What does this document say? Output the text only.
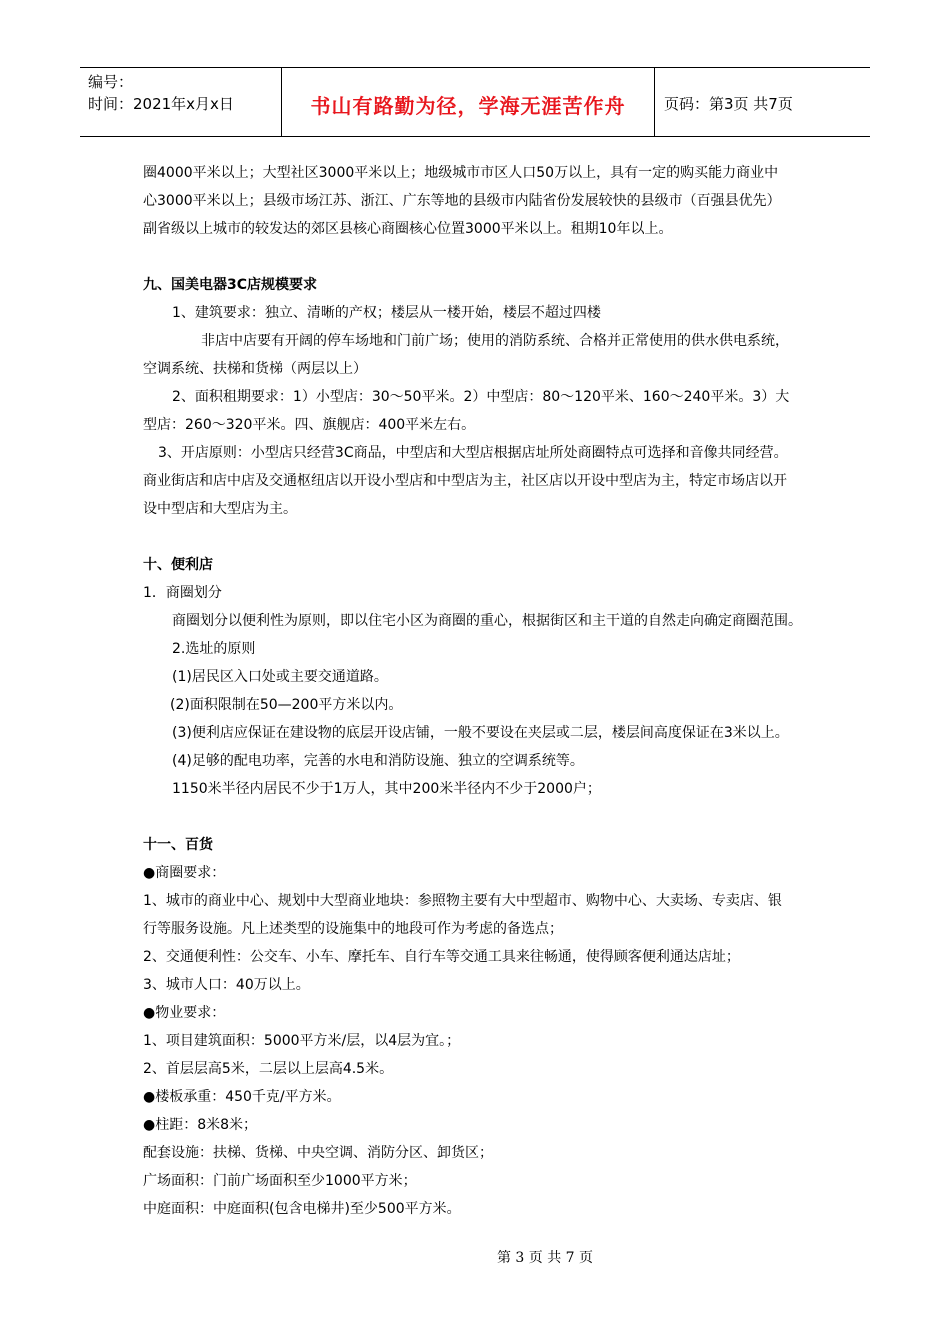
编号：
时间：2021年x月x日	书山有路勤为径，学海无涯苦作舟	页码：第3页 共7页
圈4000平米以上；大型社区3000平米以上；地级城市市区人口50万以上，具有一定的购买能力商业中
心3000平米以上；县级市场江苏、浙江、广东等地的县级市内陆省份发展较快的县级市（百强县优先）
副省级以上城市的较发达的郊区县核心商圈核心位置3000平米以上。租期10年以上。
九、国美电器3C店规模要求
1、建筑要求：独立、清晰的产权；楼层从一楼开始，楼层不超过四楼
非店中店要有开阔的停车场地和门前广场；使用的消防系统、合格并正常使用的供水供电系统，
空调系统、扶梯和货梯（两层以上）
2、面积租期要求：1）小型店：30～50平米。2）中型店：80～120平米、160～240平米。3）大
型店：260～320平米。四、旗舰店：400平米左右。
3、开店原则：小型店只经营3C商品，中型店和大型店根据店址所处商圈特点可选择和音像共同经营。
商业街店和店中店及交通枢纽店以开设小型店和中型店为主，社区店以开设中型店为主，特定市场店以开
设中型店和大型店为主。
十、便利店
1．商圈划分
商圈划分以便利性为原则，即以住宅小区为商圈的重心，根据街区和主干道的自然走向确定商圈范围。
2.选址的原则
(1)居民区入口处或主要交通道路。
(2)面积限制在50—200平方米以内。
(3)便利店应保证在建设物的底层开设店铺，一般不要设在夹层或二层，楼层间高度保证在3米以上。
(4)足够的配电功率，完善的水电和消防设施、独立的空调系统等。
1150米半径内居民不少于1万人，其中200米半径内不少于2000户；
十一、百货
●商圈要求：
1、城市的商业中心、规划中大型商业地块：参照物主要有大中型超市、购物中心、大卖场、专卖店、银
行等服务设施。凡上述类型的设施集中的地段可作为考虑的备选点；
2、交通便利性：公交车、小车、摩托车、自行车等交通工具来往畅通，使得顾客便利通达店址；
3、城市人口：40万以上。
●物业要求：
1、项目建筑面积：5000平方米/层，以4层为宜。；
2、首层层高5米，二层以上层高4.5米。
●楼板承重：450千克/平方米。
●柱距：8米8米；
配套设施：扶梯、货梯、中央空调、消防分区、卸货区；
广场面积：门前广场面积至少1000平方米；
中庭面积：中庭面积(包含电梯井)至少500平方米。
第 3 页 共 7 页
